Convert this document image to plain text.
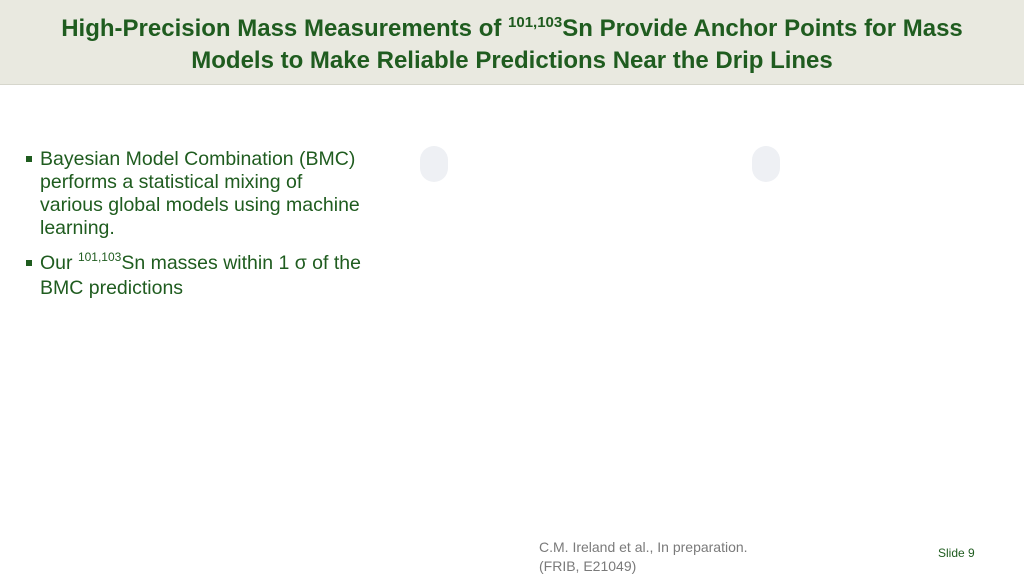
High-Precision Mass Measurements of $^{101,103}$Sn Provide Anchor Points for Mass
Models to Make Reliable Predictions Near the Drip Lines
Bayesian Model Combination (BMC) performs a statistical mixing of various global models using machine learning.
Our $^{101,103}$Sn masses within 1 σ of the BMC predictions
C.M. Ireland et al., In preparation.
(FRIB, E21049)
Slide 9
